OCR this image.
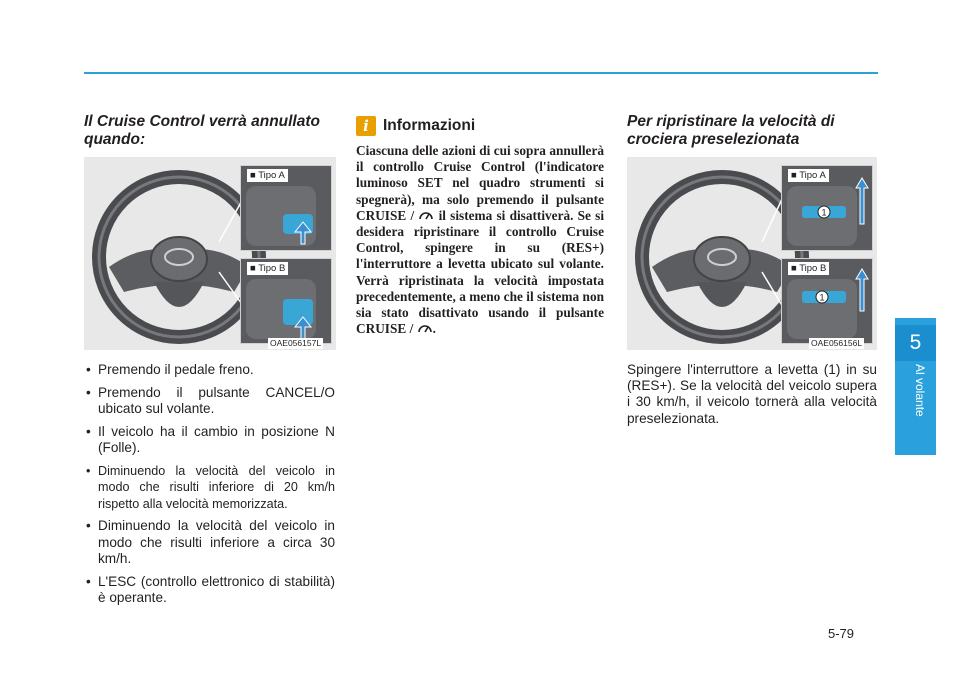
5
Al volante
Il Cruise Control verrà annullato quando:
■ Tipo A
■ Tipo B
OAE056157L
• Premendo il pedale freno.
• Premendo il pulsante CANCEL/O ubicato sul volante.
• Il veicolo ha il cambio in posizione N (Folle).
• Diminuendo la velocità del veicolo in modo che risulti inferiore di 20 km/h rispetto alla velocità memorizzata.
• Diminuendo la velocità del veicolo in modo che risulti inferiore a circa 30 km/h.
• L'ESC (controllo elettronico di stabilità) è operante.
i Informazioni
Ciascuna delle azioni di cui sopra annullerà il controllo Cruise Control (l'indicatore luminoso SET nel quadro strumenti si spegnerà), ma solo premendo il pulsante CRUISE / il sistema si disattiverà. Se si desidera ripristinare il controllo Cruise Control, spingere in su (RES+) l'interruttore a levetta ubicato sul volante. Verrà ripristinata la velocità impostata precedentemente, a meno che il sistema non sia stato disattivato usando il pulsante CRUISE / .
Per ripristinare la velocità di crociera preselezionata
1
■ Tipo A
1
■ Tipo B
OAE056156L
Spingere l'interruttore a levetta (1) in su (RES+). Se la velocità del veicolo supera i 30 km/h, il veicolo tornerà alla velocità preselezionata.
5-79
